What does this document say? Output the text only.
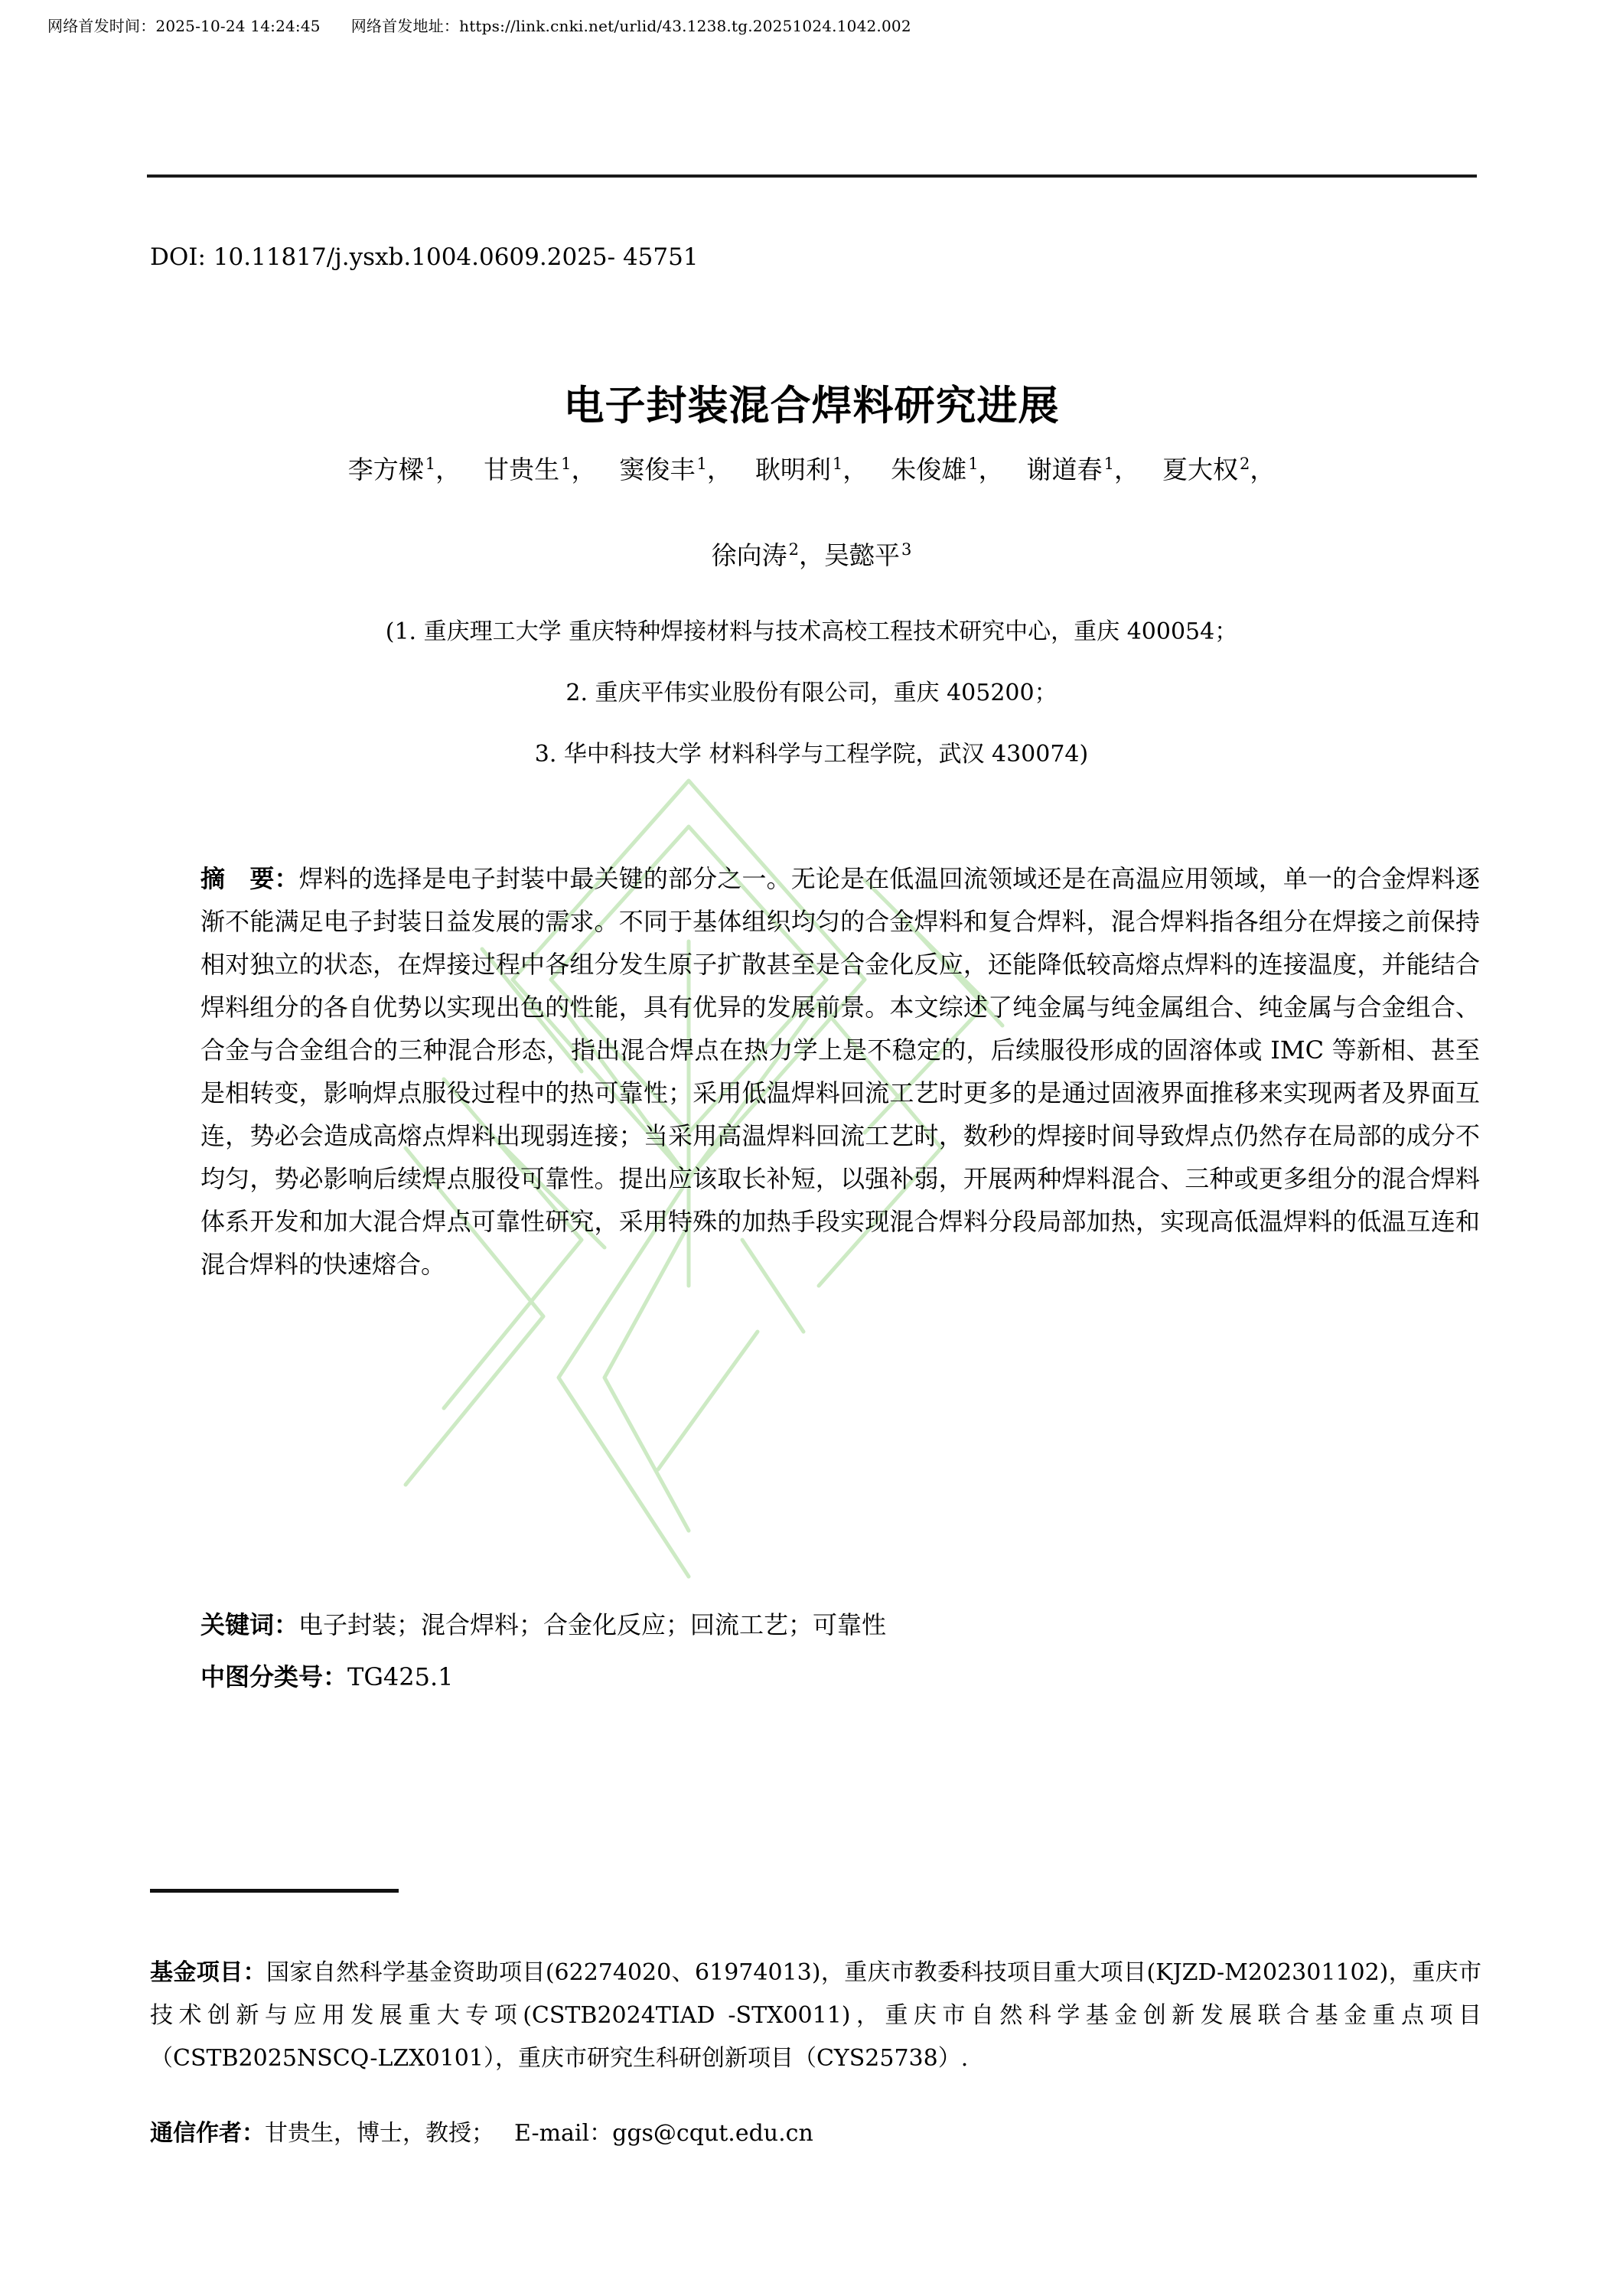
网络首发时间：2025-10-24 14:24:45 网络首发地址：https://link.cnki.net/urlid/43.1238.tg.20251024.1042.002
DOI: 10.11817/j.ysxb.1004.0609.2025- 45751
电子封装混合焊料研究进展
李方樑$^1$， 甘贵生$^1$， 窦俊丰$^1$， 耿明利$^1$， 朱俊雄$^1$， 谢道春$^1$， 夏大权$^2$，
徐向涛$^2$，吴懿平$^3$
(1. 重庆理工大学 重庆特种焊接材料与技术高校工程技术研究中心，重庆 400054；
2. 重庆平伟实业股份有限公司，重庆 405200；
3. 华中科技大学 材料科学与工程学院，武汉 430074)

摘　要：焊料的选择是电子封装中最关键的部分之一。无论是在低温回流领域还是在高温应用领域，单一的合金焊料逐渐不能满足电子封装日益发展的需求。不同于基体组织均匀的合金焊料和复合焊料，混合焊料指各组分在焊接之前保持相对独立的状态，在焊接过程中各组分发生原子扩散甚至是合金化反应，还能降低较高熔点焊料的连接温度，并能结合焊料组分的各自优势以实现出色的性能，具有优异的发展前景。本文综述了纯金属与纯金属组合、纯金属与合金组合、合金与合金组合的三种混合形态，指出混合焊点在热力学上是不稳定的，后续服役形成的固溶体或 IMC 等新相、甚至是相转变，影响焊点服役过程中的热可靠性；采用低温焊料回流工艺时更多的是通过固液界面推移来实现两者及界面互连，势必会造成高熔点焊料出现弱连接；当采用高温焊料回流工艺时，数秒的焊接时间导致焊点仍然存在局部的成分不均匀，势必影响后续焊点服役可靠性。提出应该取长补短，以强补弱，开展两种焊料混合、三种或更多组分的混合焊料体系开发和加大混合焊点可靠性研究，采用特殊的加热手段实现混合焊料分段局部加热，实现高低温焊料的低温互连和混合焊料的快速熔合。

关键词：电子封装；混合焊料；合金化反应；回流工艺；可靠性
中图分类号：TG425.1

基金项目：国家自然科学基金资助项目(62274020、61974013)，重庆市教委科技项目重大项目(KJZD-M202301102)，重庆市技术创新与应用发展重大专项(CSTB2024TIAD -STX0011)，重庆市自然科学基金创新发展联合基金重点项目（CSTB2025NSCQ-LZX0101），重庆市研究生科研创新项目（CYS25738）.

通信作者：甘贵生，博士，教授； E-mail：ggs@cqut.edu.cn
